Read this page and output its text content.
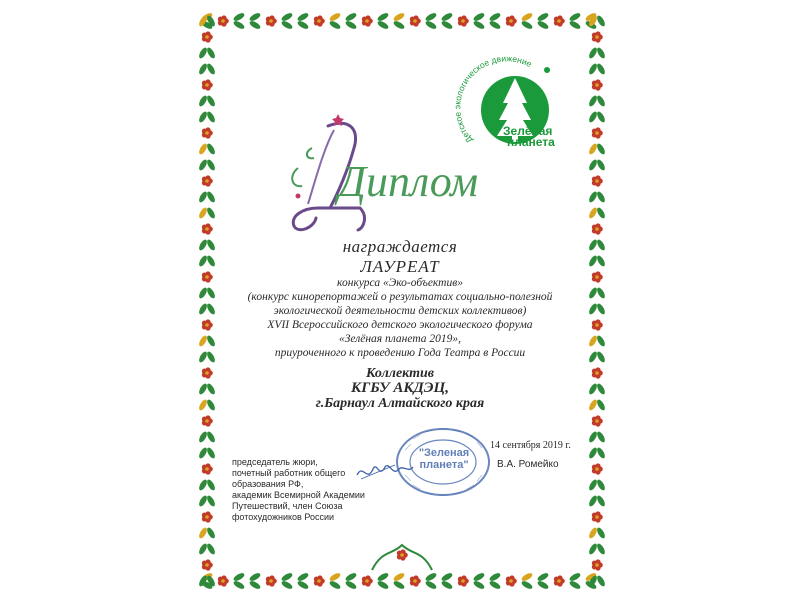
Детск логическое движение
Зелёная
планета
Диплом
награждается
ЛАУРЕАТ
конкурса «Эко-объектив»
(конкурс кинорепортажей о результатах социально-полезной
экологической деятельности детских коллективов)
XVII Всероссийского детского экологического форума
«Зелёная планета 2019»,
приуроченного к проведению Года Театра в России
Коллектив
КГБУ АКДЭЦ,
г.Барнаул Алтайского края
14 сентября 2019 г.
В.А. Ромейко
председатель жюри,
почетный работник общего
образования РФ,
академик Всемирной Академии
Путешествий, член Союза
фотохудожников России
"Зеленая
планета"
